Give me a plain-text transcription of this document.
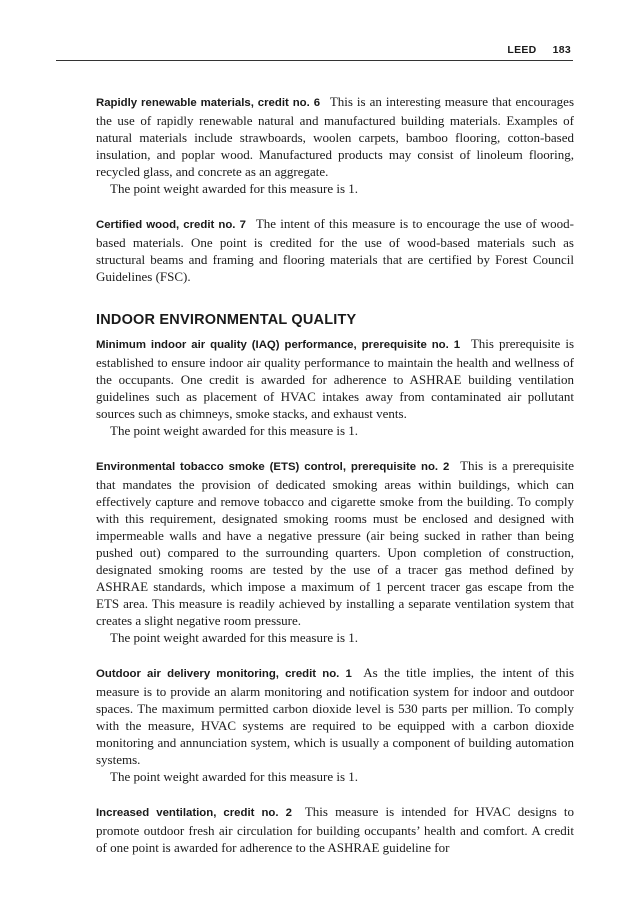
LEED 183

Rapidly renewable materials, credit no. 6 This is an interesting measure that encourages the use of rapidly renewable natural and manufactured building materials. Examples of natural materials include strawboards, woolen carpets, bamboo flooring, cotton-based insulation, and poplar wood. Manufactured products may consist of linoleum flooring, recycled glass, and concrete as an aggregate.

The point weight awarded for this measure is 1.

Certified wood, credit no. 7 The intent of this measure is to encourage the use of wood-based materials. One point is credited for the use of wood-based materials such as structural beams and framing and flooring materials that are certified by Forest Council Guidelines (FSC).

INDOOR ENVIRONMENTAL QUALITY

Minimum indoor air quality (IAQ) performance, prerequisite no. 1 This prerequisite is established to ensure indoor air quality performance to maintain the health and wellness of the occupants. One credit is awarded for adherence to ASHRAE building ventilation guidelines such as placement of HVAC intakes away from contaminated air pollutant sources such as chimneys, smoke stacks, and exhaust vents.

The point weight awarded for this measure is 1.

Environmental tobacco smoke (ETS) control, prerequisite no. 2 This is a prerequisite that mandates the provision of dedicated smoking areas within buildings, which can effectively capture and remove tobacco and cigarette smoke from the building. To comply with this requirement, designated smoking rooms must be enclosed and designed with impermeable walls and have a negative pressure (air being sucked in rather than being pushed out) compared to the surrounding quarters. Upon completion of construction, designated smoking rooms are tested by the use of a tracer gas method defined by ASHRAE standards, which impose a maximum of 1 percent tracer gas escape from the ETS area. This measure is readily achieved by installing a separate ventilation system that creates a slight negative room pressure.

The point weight awarded for this measure is 1.

Outdoor air delivery monitoring, credit no. 1 As the title implies, the intent of this measure is to provide an alarm monitoring and notification system for indoor and outdoor spaces. The maximum permitted carbon dioxide level is 530 parts per million. To comply with the measure, HVAC systems are required to be equipped with a carbon dioxide monitoring and annunciation system, which is usually a component of building automation systems.

The point weight awarded for this measure is 1.

Increased ventilation, credit no. 2 This measure is intended for HVAC designs to promote outdoor fresh air circulation for building occupants’ health and comfort. A credit of one point is awarded for adherence to the ASHRAE guideline for
